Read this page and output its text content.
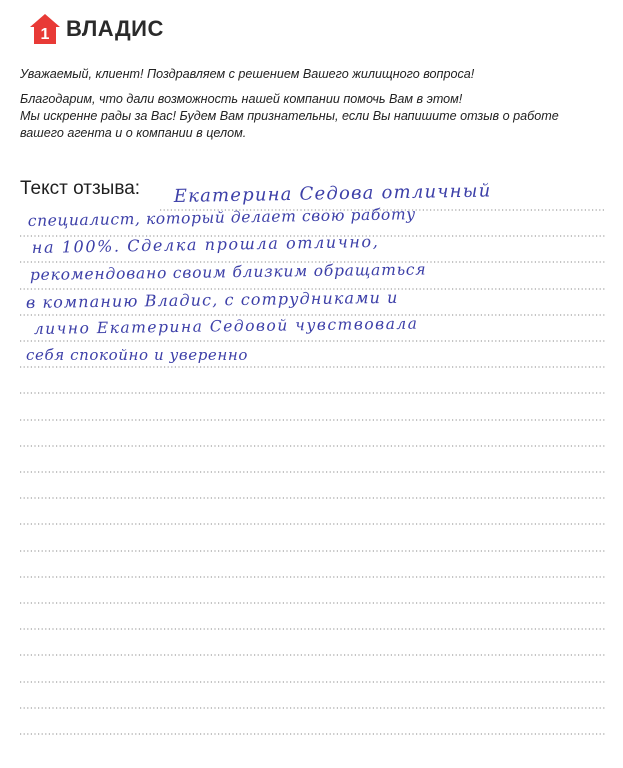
1 ВЛАДИС

Уважаемый, клиент! Поздравляем с решением Вашего жилищного вопроса!

Благодарим, что дали возможность нашей компании помочь Вам в этом!

Мы искренне рады за Вас! Будем Вам признательны, если Вы напишите отзыв о работе

вашего агента и о компании в целом.

Текст отзыва: Екатерина Седова отличный
специалист, который делает свою работу
на 100%. Сделка прошла отлично,
рекомендовано своим близким обращаться
в компанию Владис, с сотрудниками и
лично Екатерина Седовой чувствовала
себя спокойно и уверенно
